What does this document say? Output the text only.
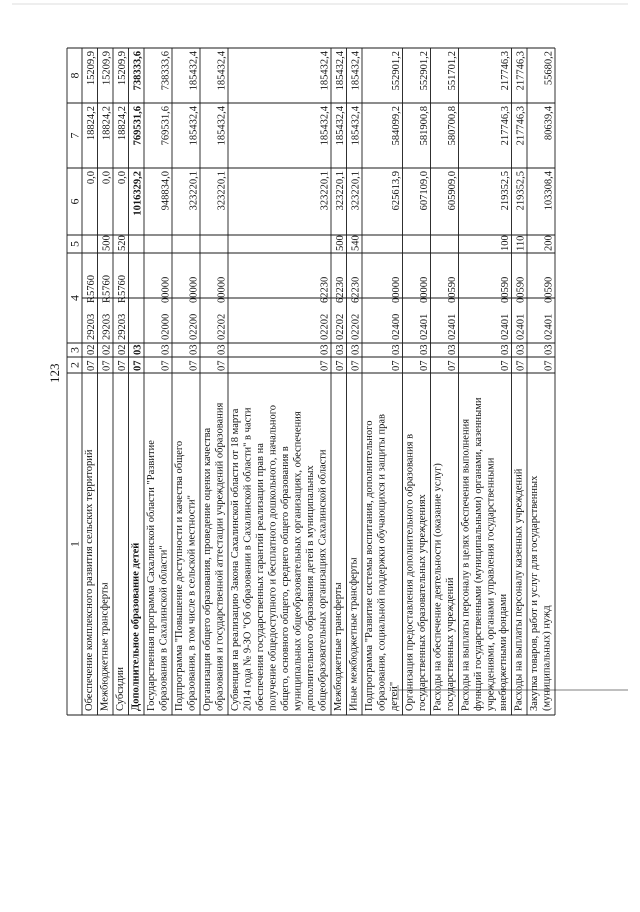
1
2
3
4
5
6
7
8
Обеспечение комплексного развития сельских территорий
07
02
29203
R5760
0,0
18824,2
15209,9
Межбюджетные трансферты
07
02
29203
R5760
500
0,0
18824,2
15209,9
Субсидии
07
02
29203
R5760
520
0,0
18824,2
15209,9
Дополнительное образование детей
07
03
1016329,2
769531,6
738333,6
Государственная программа Сахалинской области "Развитие образования в Сахалинской области"
07
03
02000
00000
948834,0
769531,6
738333,6
Подпрограмма "Повышение доступности и качества общего образования, в том числе в сельской местности"
07
03
02200
00000
323220,1
185432,4
185432,4
Организация общего образования, проведение оценки качества образования и государственной аттестации учреждений образования
07
03
02202
00000
323220,1
185432,4
185432,4
Субвенция на реализацию Закона Сахалинской области от 18 марта 2014 года № 9-ЗО "Об образовании в Сахалинской области" в части обеспечения государственных гарантий реализации прав на получение общедоступного и бесплатного дошкольного, начального общего, основного общего, среднего общего образования в муниципальных общеобразовательных организациях, обеспечения дополнительного образования детей в муниципальных общеобразовательных организациях Сахалинской области
07
03
02202
62230
323220,1
185432,4
185432,4
Межбюджетные трансферты
07
03
02202
62230
500
323220,1
185432,4
185432,4
Иные межбюджетные трансферты
07
03
02202
62230
540
323220,1
185432,4
185432,4
Подпрограмма "Развитие системы воспитания, дополнительного образования, социальной поддержки обучающихся и защиты прав детей"
07
03
02400
00000
625613,9
584099,2
552901,2
Организация предоставления дополнительного образования в государственных образовательных учреждениях
07
03
02401
00000
607109,0
581900,8
552901,2
Расходы на обеспечение деятельности (оказание услуг) государственных учреждений
07
03
02401
00590
605909,0
580700,8
551701,2
Расходы на выплаты персоналу в целях обеспечения выполнения функций государственными (муниципальными) органами, казенными учреждениями, органами управления государственными внебюджетными фондами
07
03
02401
00590
100
219352,5
217746,3
217746,3
Расходы на выплаты персоналу казенных учреждений
07
03
02401
00590
110
219352,5
217746,3
217746,3
Закупка товаров, работ и услуг для государственных (муниципальных) нужд
07
03
02401
00590
200
103308,4
80639,4
55680,2
123
